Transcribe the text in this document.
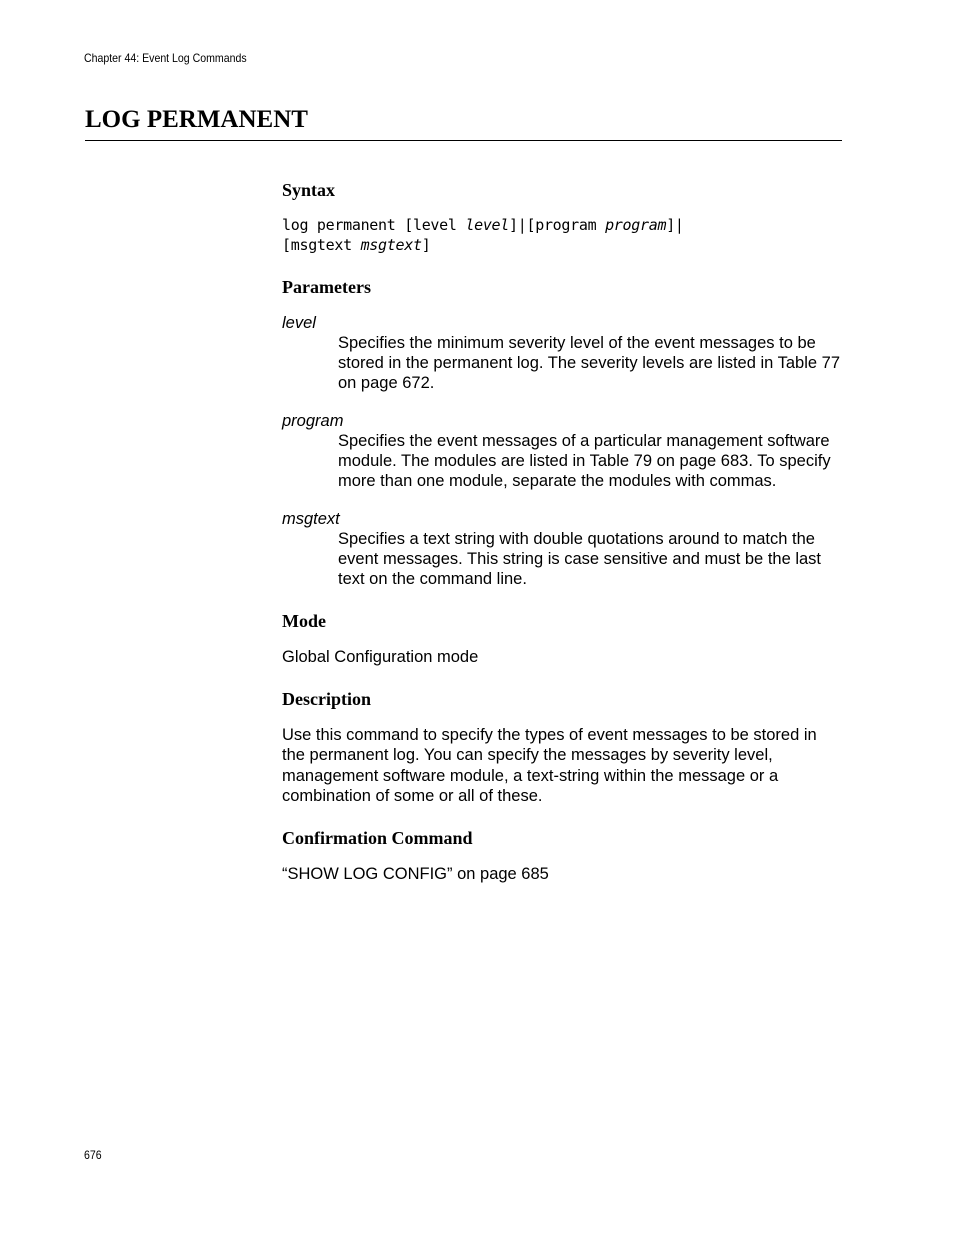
Chapter 44: Event Log Commands
LOG PERMANENT
Syntax
log permanent [level level]|[program program]|
[msgtext msgtext]
Parameters

level

Specifies the minimum severity level of the event messages to be stored in the permanent log. The severity levels are listed in Table 77 on page 672.

program

Specifies the event messages of a particular management software module. The modules are listed in Table 79 on page 683. To specify more than one module, separate the modules with commas.

msgtext

Specifies a text string with double quotations around to match the event messages. This string is case sensitive and must be the last text on the command line.

Mode

Global Configuration mode

Description

Use this command to specify the types of event messages to be stored in the permanent log. You can specify the messages by severity level, management software module, a text-string within the message or a combination of some or all of these.

Confirmation Command

“SHOW LOG CONFIG” on page 685

676
